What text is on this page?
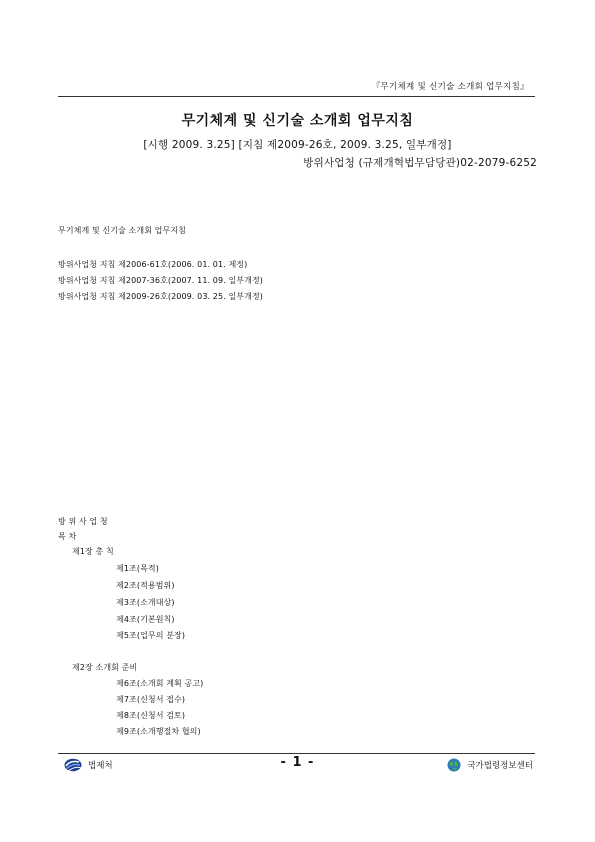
『무기체계 및 신기술 소개회 업무지침』
무기체계 및 신기술 소개회 업무지침
[시행 2009. 3.25] [지침 제2009-26호, 2009. 3.25, 일부개정]
방위사업청 (규제개혁법무담당관)02-2079-6252
무기체계 및 신기술 소개회 업무지침
방위사업청 지침 제2006-61호(2006. 01. 01. 제정)
방위사업청 지침 제2007-36호(2007. 11. 09. 일부개정)
방위사업청 지침 제2009-26호(2009. 03. 25. 일부개정)
방 위 사 업 청
목 차
제1장 총 칙
제1조(목적)
제2조(적용범위)
제3조(소개대상)
제4조(기본원칙)
제5조(업무의 분장)
제2장 소개회 준비
제6조(소개회 계획 공고)
제7조(신청서 접수)
제8조(신청서 검토)
제9조(소개행절차 협의)
법제처	- 1 -	국가법령정보센터
